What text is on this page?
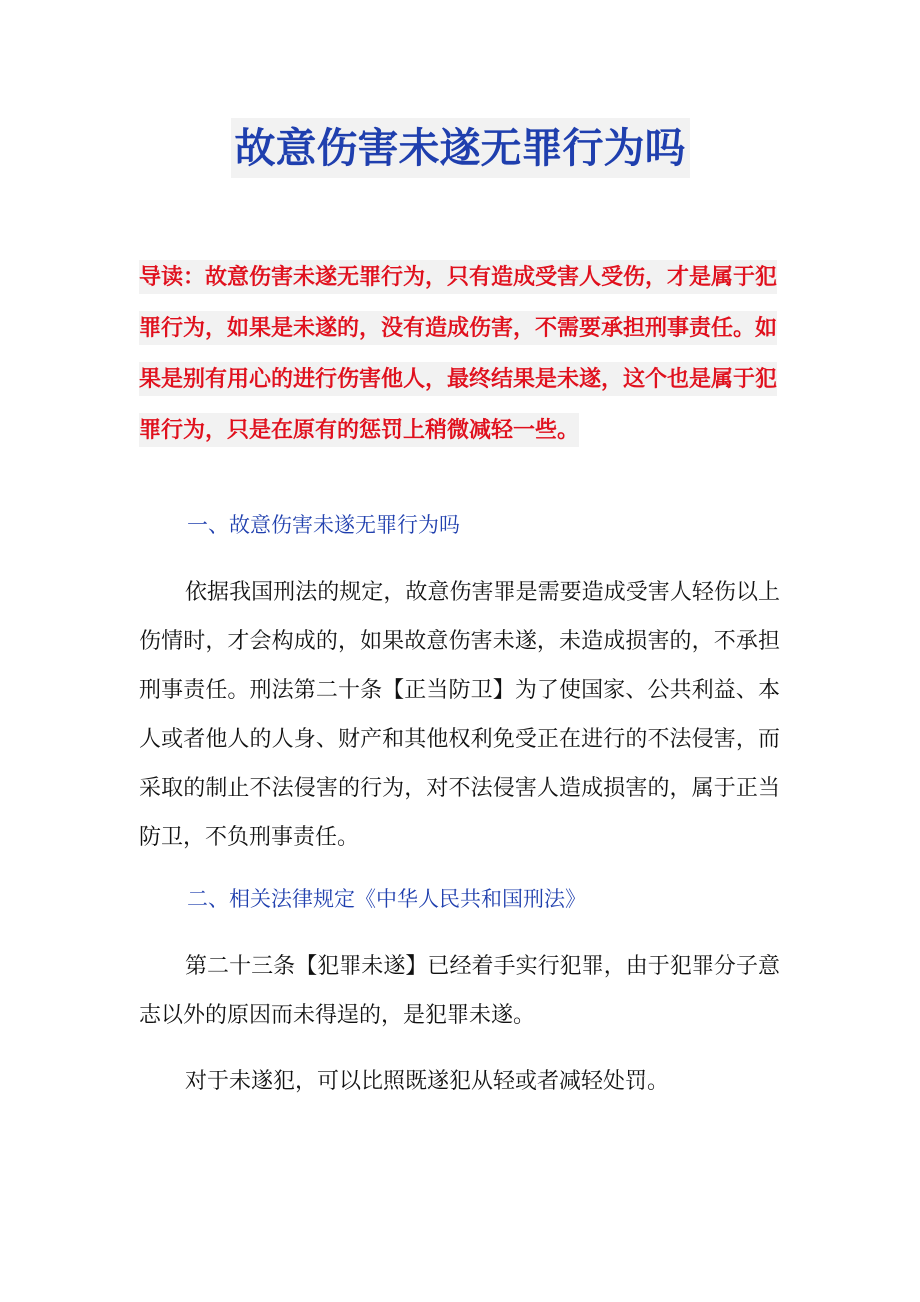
故意伤害未遂无罪行为吗
导读：故意伤害未遂无罪行为，只有造成受害人受伤，才是属于犯罪行为，如果是未遂的，没有造成伤害，不需要承担刑事责任。如果是别有用心的进行伤害他人，最终结果是未遂，这个也是属于犯罪行为，只是在原有的惩罚上稍微减轻一些。
一、故意伤害未遂无罪行为吗
依据我国刑法的规定，故意伤害罪是需要造成受害人轻伤以上伤情时，才会构成的，如果故意伤害未遂，未造成损害的，不承担刑事责任。刑法第二十条【正当防卫】为了使国家、公共利益、本人或者他人的人身、财产和其他权利免受正在进行的不法侵害，而采取的制止不法侵害的行为，对不法侵害人造成损害的，属于正当防卫，不负刑事责任。
二、相关法律规定《中华人民共和国刑法》
第二十三条【犯罪未遂】已经着手实行犯罪，由于犯罪分子意志以外的原因而未得逞的，是犯罪未遂。
对于未遂犯，可以比照既遂犯从轻或者减轻处罚。
